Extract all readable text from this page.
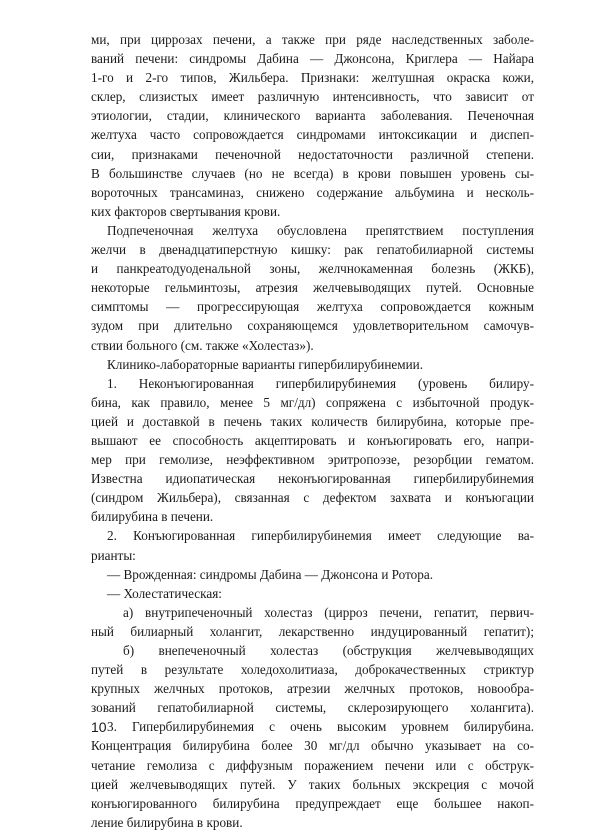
ми, при циррозах печени, а также при ряде наследственных заболе-
ваний печени: синдромы Дабина — Джонсона, Криглера — Найара
1-го и 2-го типов, Жильбера. Признаки: желтушная окраска кожи,
склер, слизистых имеет различную интенсивность, что зависит от
этиологии, стадии, клинического варианта заболевания. Печеночная
желтуха часто сопровождается синдромами интоксикации и диспеп-
сии, признаками печеночной недостаточности различной степени.
В большинстве случаев (но не всегда) в крови повышен уровень сы-
вороточных трансаминаз, снижено содержание альбумина и несколь-
ких факторов свертывания крови.
Подпеченочная желтуха обусловлена препятствием поступления
желчи в двенадцатиперстную кишку: рак гепатобилиарной системы
и панкреатодуоденальной зоны, желчнокаменная болезнь (ЖКБ),
некоторые гельминтозы, атрезия желчевыводящих путей. Основные
симптомы — прогрессирующая желтуха сопровождается кожным
зудом при длительно сохраняющемся удовлетворительном самочув-
ствии больного (см. также «Холестаз»).
Клинико-лабораторные варианты гипербилирубинемии.
1. Неконъюгированная гипербилирубинемия (уровень билиру-
бина, как правило, менее 5 мг/дл) сопряжена с избыточной продук-
цией и доставкой в печень таких количеств билирубина, которые пре-
вышают ее способность акцептировать и конъюгировать его, напри-
мер при гемолизе, неэффективном эритропоэзе, резорбции гематом.
Известна идиопатическая неконъюгированная гипербилирубинемия
(синдром Жильбера), связанная с дефектом захвата и конъюгации
билирубина в печени.
2. Конъюгированная гипербилирубинемия имеет следующие ва-
рианты:
— Врожденная: синдромы Дабина — Джонсона и Ротора.
— Холестатическая:
а) внутрипеченочный холестаз (цирроз печени, гепатит, первич-
ный билиарный холангит, лекарственно индуцированный гепатит);
б) внепеченочный холестаз (обструкция желчевыводящих
путей в результате холедохолитиаза, доброкачественных стриктур
крупных желчных протоков, атрезии желчных протоков, новообра-
зований гепатобилиарной системы, склерозирующего холангита).
3. Гипербилирубинемия с очень высоким уровнем билирубина.
Концентрация билирубина более 30 мг/дл обычно указывает на со-
четание гемолиза с диффузным поражением печени или с обструк-
цией желчевыводящих путей. У таких больных экскреция с мочой
конъюгированного билирубина предупреждает еще большее накоп-
ление билирубина в крови.
10
